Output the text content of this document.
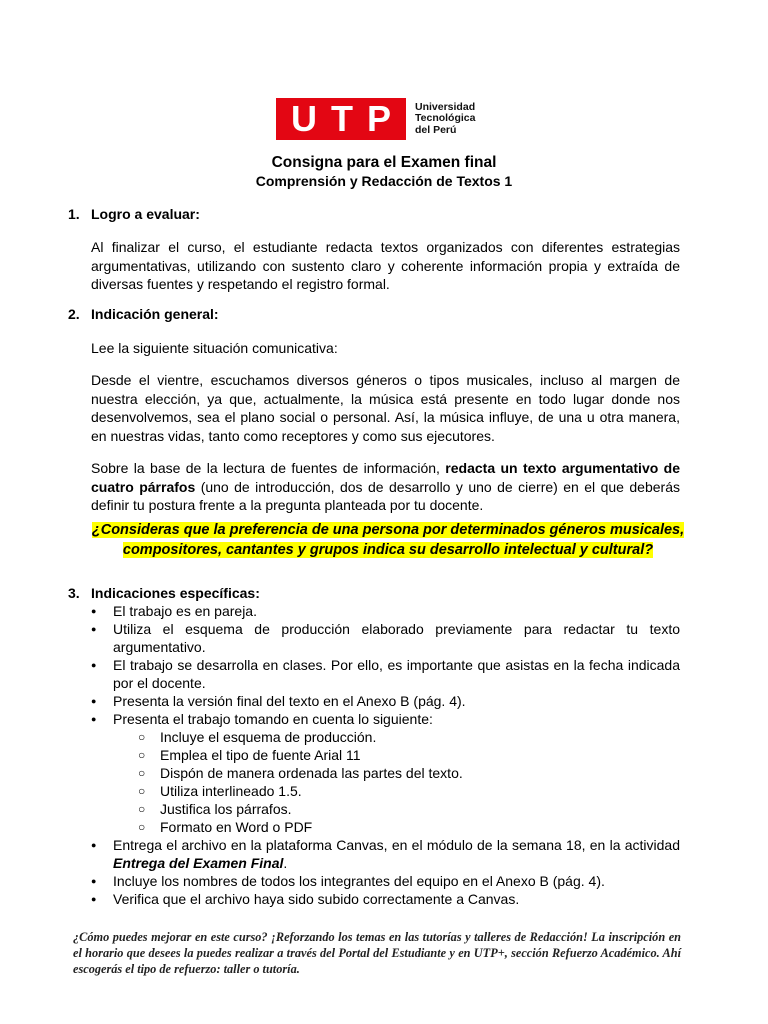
U T P Universidad
Tecnológica
del Perú
Consigna para el Examen final
Comprensión y Redacción de Textos 1
1. Logro a evaluar:
Al finalizar el curso, el estudiante redacta textos organizados con diferentes estrategias argumentativas, utilizando con sustento claro y coherente información propia y extraída de diversas fuentes y respetando el registro formal.
2. Indicación general:
Lee la siguiente situación comunicativa:
Desde el vientre, escuchamos diversos géneros o tipos musicales, incluso al margen de nuestra elección, ya que, actualmente, la música está presente en todo lugar donde nos desenvolvemos, sea el plano social o personal. Así, la música influye, de una u otra manera, en nuestras vidas, tanto como receptores y como sus ejecutores.
Sobre la base de la lectura de fuentes de información, redacta un texto argumentativo de cuatro párrafos (uno de introducción, dos de desarrollo y uno de cierre) en el que deberás definir tu postura frente a la pregunta planteada por tu docente.
¿Consideras que la preferencia de una persona por determinados géneros musicales,
compositores, cantantes y grupos indica su desarrollo intelectual y cultural?
3. Indicaciones específicas:
● El trabajo es en pareja.
● Utiliza el esquema de producción elaborado previamente para redactar tu texto argumentativo.
● El trabajo se desarrolla en clases. Por ello, es importante que asistas en la fecha indicada por el docente.
● Presenta la versión final del texto en el Anexo B (pág. 4).
● Presenta el trabajo tomando en cuenta lo siguiente:
○ Incluye el esquema de producción.
○ Emplea el tipo de fuente Arial 11
○ Dispón de manera ordenada las partes del texto.
○ Utiliza interlineado 1.5.
○ Justifica los párrafos.
○ Formato en Word o PDF
● Entrega el archivo en la plataforma Canvas, en el módulo de la semana 18, en la actividad Entrega del Examen Final.
● Incluye los nombres de todos los integrantes del equipo en el Anexo B (pág. 4).
● Verifica que el archivo haya sido subido correctamente a Canvas.
¿Cómo puedes mejorar en este curso? ¡Reforzando los temas en las tutorías y talleres de Redacción! La inscripción en el horario que desees la puedes realizar a través del Portal del Estudiante y en UTP+, sección Refuerzo Académico. Ahí escogerás el tipo de refuerzo: taller o tutoría.
